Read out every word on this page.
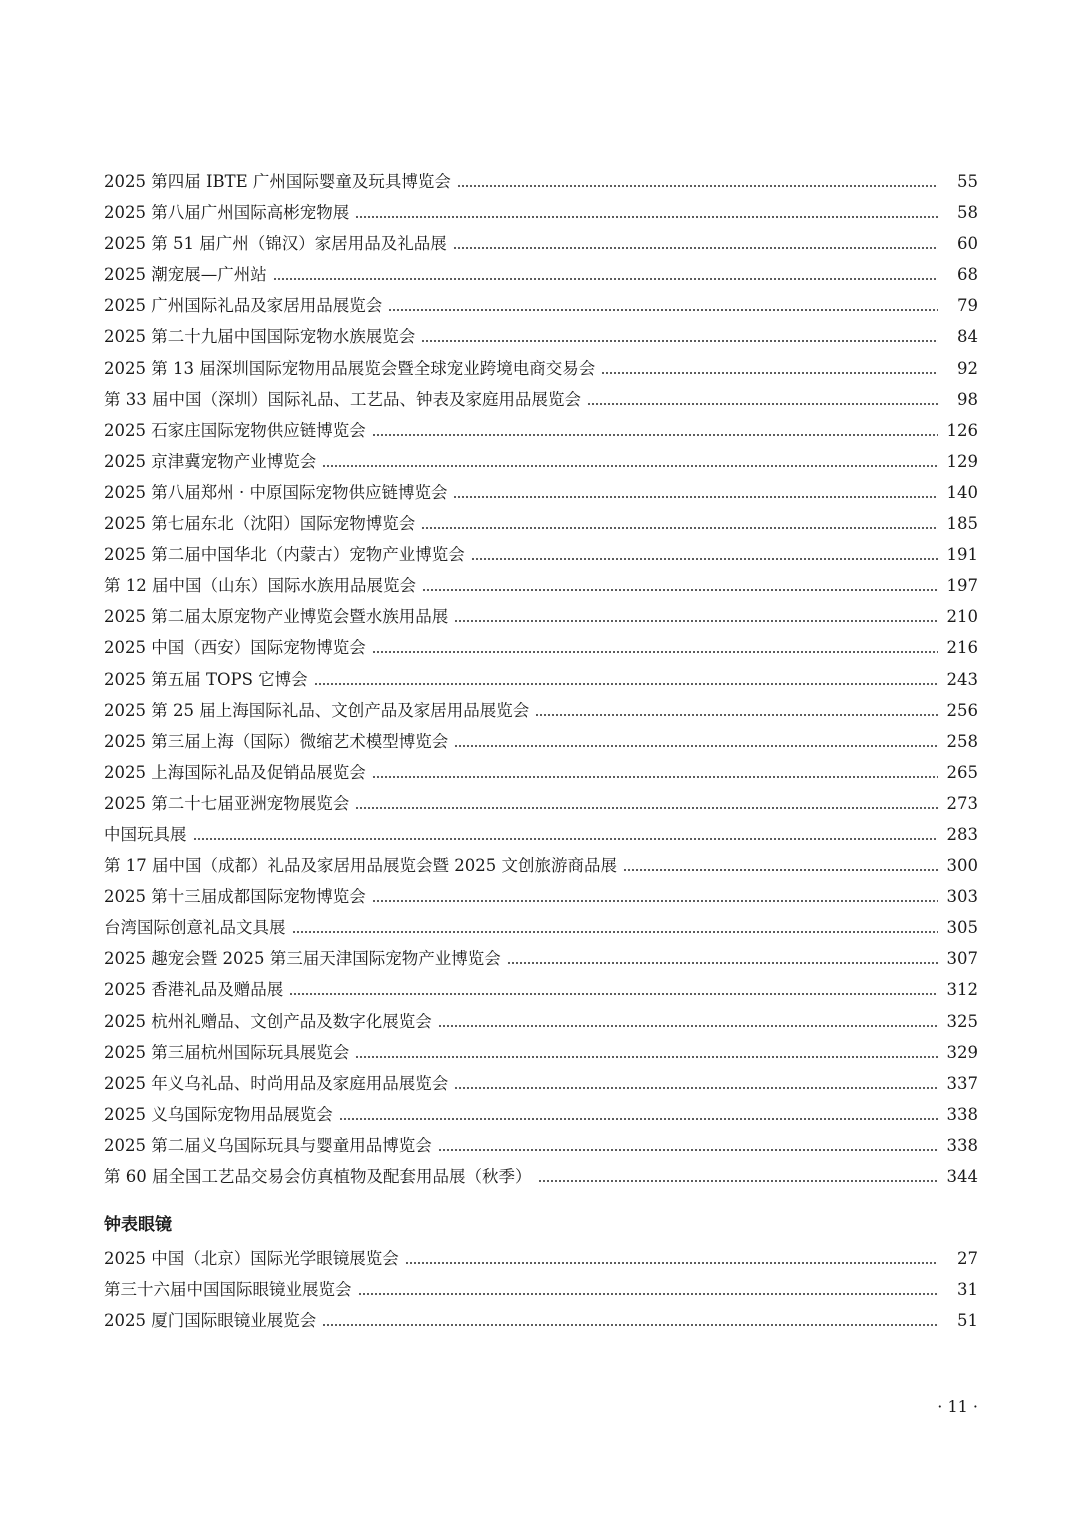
2025 第四届 IBTE 广州国际婴童及玩具博览会	55
2025 第八届广州国际高彬宠物展	58
2025 第 51 届广州（锦汉）家居用品及礼品展	60
2025 潮宠展—广州站	68
2025 广州国际礼品及家居用品展览会	79
2025 第二十九届中国国际宠物水族展览会	84
2025 第 13 届深圳国际宠物用品展览会暨全球宠业跨境电商交易会	92
第 33 届中国（深圳）国际礼品、工艺品、钟表及家庭用品展览会	98
2025 石家庄国际宠物供应链博览会	126
2025 京津冀宠物产业博览会	129
2025 第八届郑州 · 中原国际宠物供应链博览会	140
2025 第七届东北（沈阳）国际宠物博览会	185
2025 第二届中国华北（内蒙古）宠物产业博览会	191
第 12 届中国（山东）国际水族用品展览会	197
2025 第二届太原宠物产业博览会暨水族用品展	210
2025 中国（西安）国际宠物博览会	216
2025 第五届 TOPS 它博会	243
2025 第 25 届上海国际礼品、文创产品及家居用品展览会	256
2025 第三届上海（国际）微缩艺术模型博览会	258
2025 上海国际礼品及促销品展览会	265
2025 第二十七届亚洲宠物展览会	273
中国玩具展	283
第 17 届中国（成都）礼品及家居用品展览会暨 2025 文创旅游商品展	300
2025 第十三届成都国际宠物博览会	303
台湾国际创意礼品文具展	305
2025 趣宠会暨 2025 第三届天津国际宠物产业博览会	307
2025 香港礼品及赠品展	312
2025 杭州礼赠品、文创产品及数字化展览会	325
2025 第三届杭州国际玩具展览会	329
2025 年义乌礼品、时尚用品及家庭用品展览会	337
2025 义乌国际宠物用品展览会	338
2025 第二届义乌国际玩具与婴童用品博览会	338
第 60 届全国工艺品交易会仿真植物及配套用品展（秋季）	344
钟表眼镜
2025 中国（北京）国际光学眼镜展览会	27
第三十六届中国国际眼镜业展览会	31
2025 厦门国际眼镜业展览会	51
· 11 ·
